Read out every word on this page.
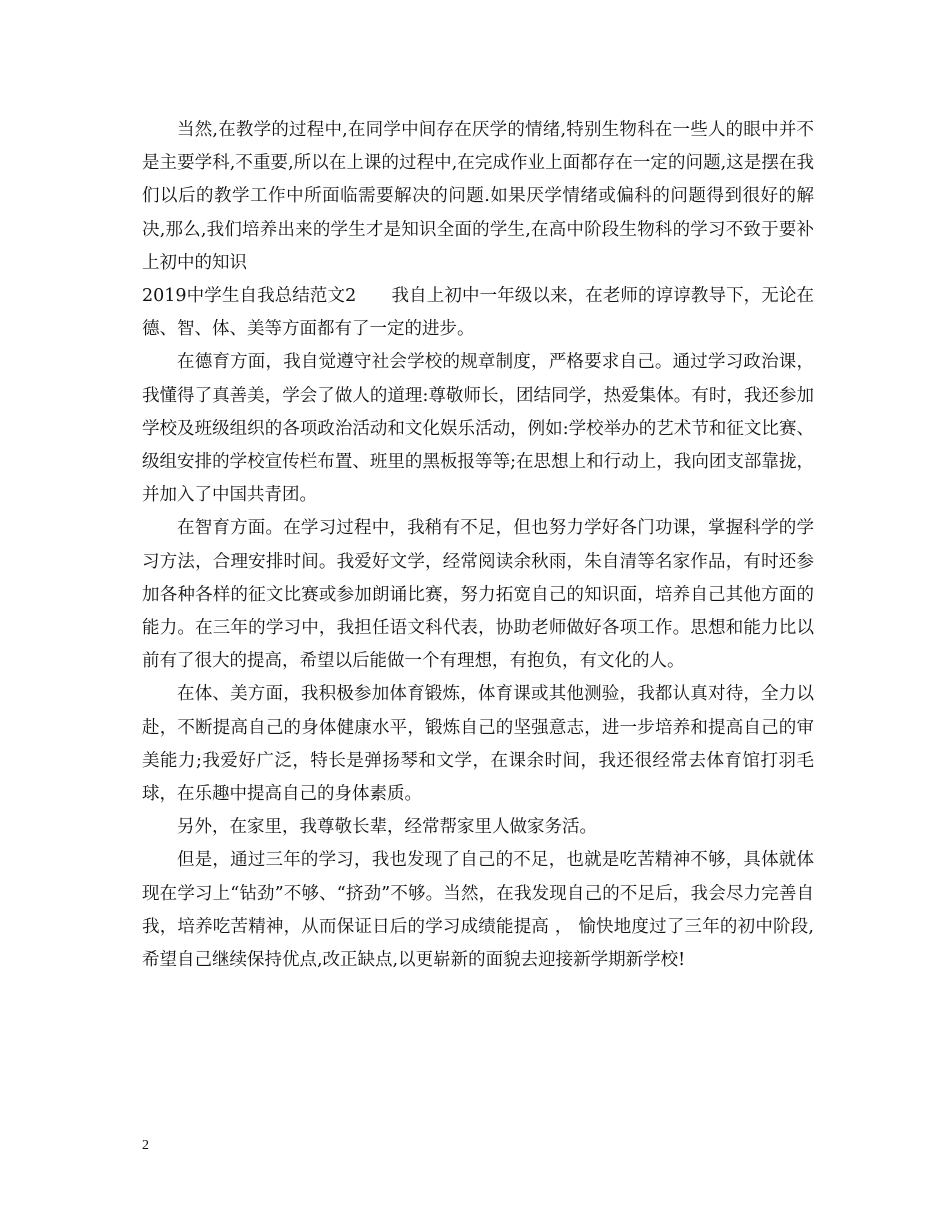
当然,在教学的过程中,在同学中间存在厌学的情绪,特别生物科在一些人的眼中并不是主要学科,不重要,所以在上课的过程中,在完成作业上面都存在一定的问题,这是摆在我们以后的教学工作中所面临需要解决的问题.如果厌学情绪或偏科的问题得到很好的解决,那么,我们培养出来的学生才是知识全面的学生,在高中阶段生物科的学习不致于要补上初中的知识

2019中学生自我总结范文2　　我自上初中一年级以来，在老师的谆谆教导下，无论在德、智、体、美等方面都有了一定的进步。

在德育方面，我自觉遵守社会学校的规章制度，严格要求自己。通过学习政治课，我懂得了真善美，学会了做人的道理:尊敬师长，团结同学，热爱集体。有时，我还参加学校及班级组织的各项政治活动和文化娱乐活动，例如:学校举办的艺术节和征文比赛、级组安排的学校宣传栏布置、班里的黑板报等等;在思想上和行动上，我向团支部靠拢，并加入了中国共青团。

在智育方面。在学习过程中，我稍有不足，但也努力学好各门功课，掌握科学的学习方法，合理安排时间。我爱好文学，经常阅读余秋雨，朱自清等名家作品，有时还参加各种各样的征文比赛或参加朗诵比赛，努力拓宽自己的知识面，培养自己其他方面的能力。在三年的学习中，我担任语文科代表，协助老师做好各项工作。思想和能力比以前有了很大的提高，希望以后能做一个有理想，有抱负，有文化的人。

在体、美方面，我积极参加体育锻炼，体育课或其他测验，我都认真对待，全力以赴，不断提高自己的身体健康水平，锻炼自己的坚强意志，进一步培养和提高自己的审美能力;我爱好广泛，特长是弹扬琴和文学，在课余时间，我还很经常去体育馆打羽毛球，在乐趣中提高自己的身体素质。

另外，在家里，我尊敬长辈，经常帮家里人做家务活。

但是，通过三年的学习，我也发现了自己的不足，也就是吃苦精神不够，具体就体现在学习上“钻劲”不够、“挤劲”不够。当然，在我发现自己的不足后，我会尽力完善自我，培养吃苦精神，从而保证日后的学习成绩能提高 ， 愉快地度过了三年的初中阶段,希望自己继续保持优点,改正缺点,以更崭新的面貌去迎接新学期新学校!

2
